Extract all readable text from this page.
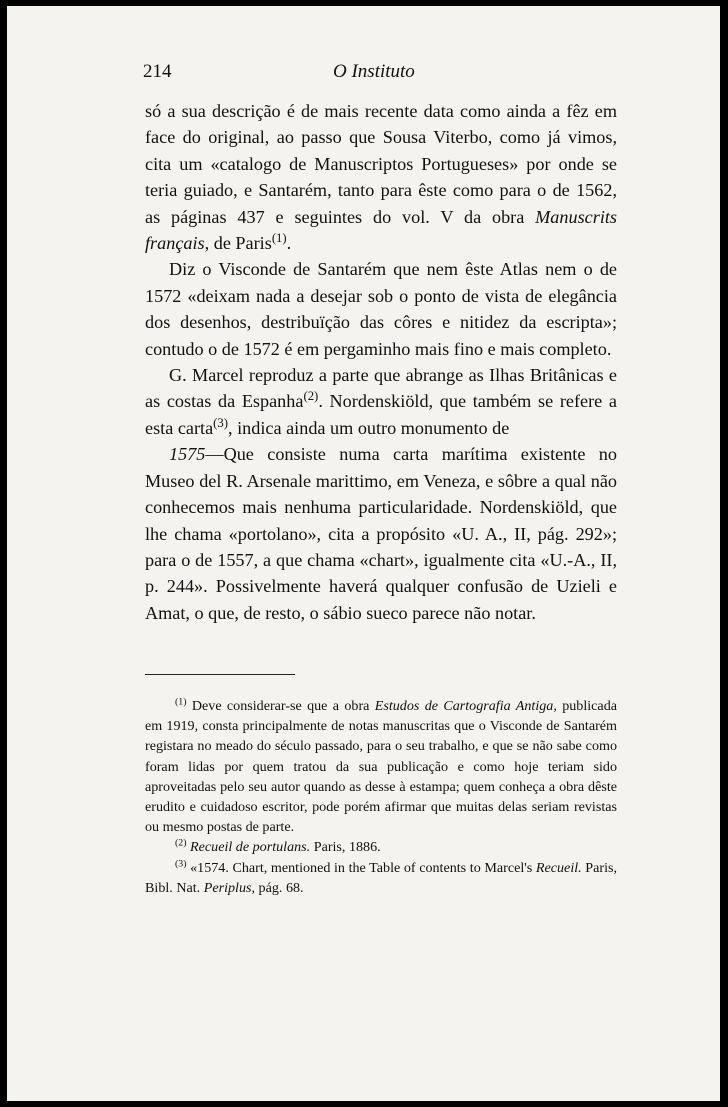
214	O Instituto

só a sua descrição é de mais recente data como ainda a fêz em face do original, ao passo que Sousa Viterbo, como já vimos, cita um «catalogo de Manuscriptos Portugueses» por onde se teria guiado, e Santarém, tanto para êste como para o de 1562, as páginas 437 e seguintes do vol. V da obra Manuscrits français, de Paris$^{(1)}$.

Diz o Visconde de Santarém que nem êste Atlas nem o de 1572 «deixam nada a desejar sob o ponto de vista de elegância dos desenhos, destribuïção das côres e nitidez da escripta»; contudo o de 1572 é em pergaminho mais fino e mais completo.

G. Marcel reproduz a parte que abrange as Ilhas Britânicas e as costas da Espanha$^{(2)}$. Nordenskiöld, que também se refere a esta carta$^{(3)}$, indica ainda um outro monumento de

1575—Que consiste numa carta marítima existente no Museo del R. Arsenale marittimo, em Veneza, e sôbre a qual não conhecemos mais nenhuma particularidade. Nordenskiöld, que lhe chama «portolano», cita a propósito «U. A., II, pág. 292»; para o de 1557, a que chama «chart», igualmente cita «U.-A., II, p. 244». Possivelmente haverá qualquer confusão de Uzieli e Amat, o que, de resto, o sábio sueco parece não notar.

$^{(1)}$ Deve considerar-se que a obra Estudos de Cartografia Antiga, publicada em 1919, consta principalmente de notas manuscritas que o Visconde de Santarém registara no meado do século passado, para o seu trabalho, e que se não sabe como foram lidas por quem tratou da sua publicação e como hoje teriam sido aproveitadas pelo seu autor quando as desse à estampa; quem conheça a obra dêste erudito e cuidadoso escritor, pode porém afirmar que muitas delas seriam revistas ou mesmo postas de parte.

$^{(2)}$ Recueil de portulans. Paris, 1886.

$^{(3)}$ «1574. Chart, mentioned in the Table of contents to Marcel's Recueil. Paris, Bibl. Nat. Periplus, pág. 68.
